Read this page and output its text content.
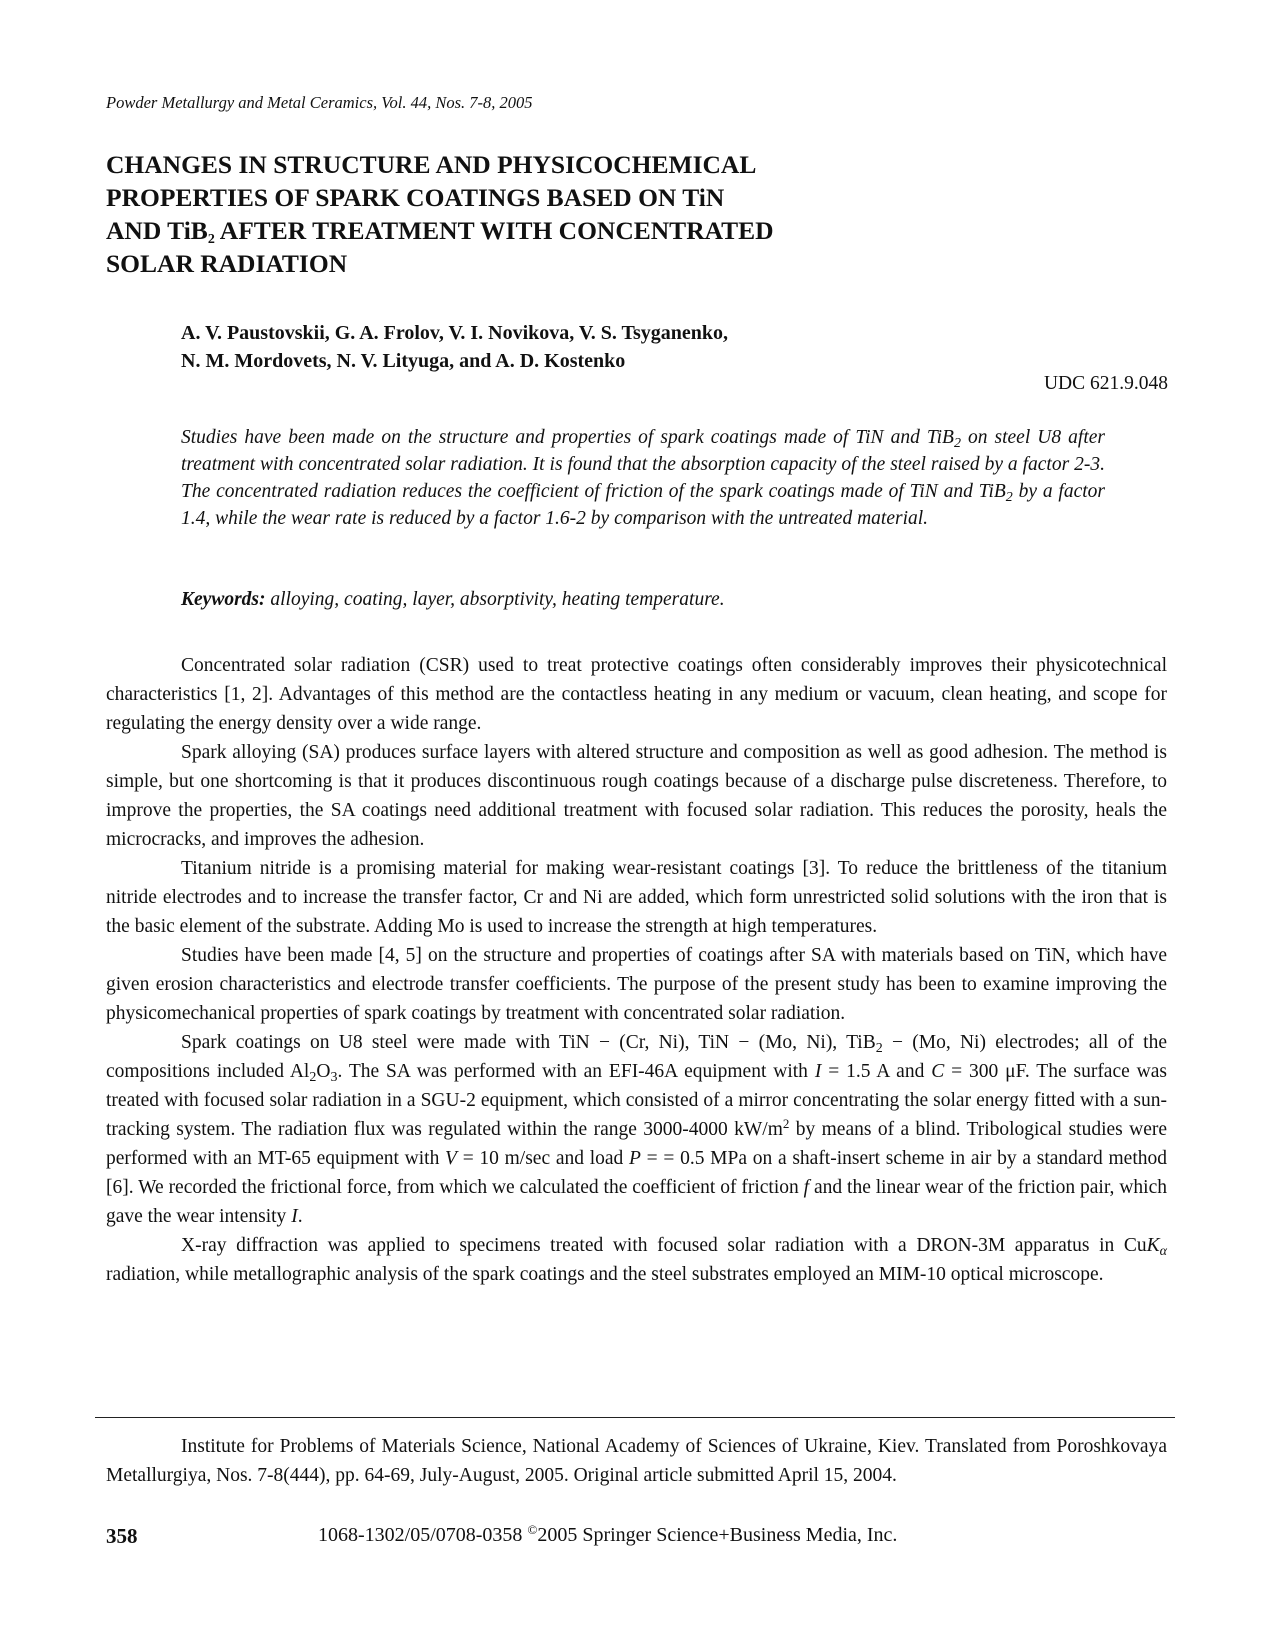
Powder Metallurgy and Metal Ceramics, Vol. 44, Nos. 7-8, 2005
CHANGES IN STRUCTURE AND PHYSICOCHEMICAL
PROPERTIES OF SPARK COATINGS BASED ON TiN
AND TiB$_2$ AFTER TREATMENT WITH CONCENTRATED
SOLAR RADIATION
A. V. Paustovskii, G. A. Frolov, V. I. Novikova, V. S. Tsyganenko,
N. M. Mordovets, N. V. Lityuga, and A. D. Kostenko
UDC 621.9.048

Studies have been made on the structure and properties of spark coatings made of TiN and TiB$_2$ on steel U8 after treatment with concentrated solar radiation. It is found that the absorption capacity of the steel raised by a factor 2-3. The concentrated radiation reduces the coefficient of friction of the spark coatings made of TiN and TiB$_2$ by a factor 1.4, while the wear rate is reduced by a factor 1.6-2 by comparison with the untreated material.

Keywords: alloying, coating, layer, absorptivity, heating temperature.

Concentrated solar radiation (CSR) used to treat protective coatings often considerably improves their physicotechnical characteristics [1, 2]. Advantages of this method are the contactless heating in any medium or vacuum, clean heating, and scope for regulating the energy density over a wide range.

Spark alloying (SA) produces surface layers with altered structure and composition as well as good adhesion. The method is simple, but one shortcoming is that it produces discontinuous rough coatings because of a discharge pulse discreteness. Therefore, to improve the properties, the SA coatings need additional treatment with focused solar radiation. This reduces the porosity, heals the microcracks, and improves the adhesion.

Titanium nitride is a promising material for making wear-resistant coatings [3]. To reduce the brittleness of the titanium nitride electrodes and to increase the transfer factor, Cr and Ni are added, which form unrestricted solid solutions with the iron that is the basic element of the substrate. Adding Mo is used to increase the strength at high temperatures.

Studies have been made [4, 5] on the structure and properties of coatings after SA with materials based on TiN, which have given erosion characteristics and electrode transfer coefficients. The purpose of the present study has been to examine improving the physicomechanical properties of spark coatings by treatment with concentrated solar radiation.

Spark coatings on U8 steel were made with TiN − (Cr, Ni), TiN − (Mo, Ni), TiB$_2$ − (Mo, Ni) electrodes; all of the compositions included $Al_2O_3$. The SA was performed with an EFI-46A equipment with I = 1.5 A and C = 300 μF. The surface was treated with focused solar radiation in a SGU-2 equipment, which consisted of a mirror concentrating the solar energy fitted with a sun-tracking system. The radiation flux was regulated within the range 3000-4000 $kW/m^2$ by means of a blind. Tribological studies were performed with an MT-65 equipment with V = 10 m/sec and load P = = 0.5 MPa on a shaft-insert scheme in air by a standard method [6]. We recorded the frictional force, from which we calculated the coefficient of friction f and the linear wear of the friction pair, which gave the wear intensity I.

X-ray diffraction was applied to specimens treated with focused solar radiation with a DRON-3M apparatus in CuK$_\alpha$ radiation, while metallographic analysis of the spark coatings and the steel substrates employed an MIM-10 optical microscope.

Institute for Problems of Materials Science, National Academy of Sciences of Ukraine, Kiev. Translated from Poroshkovaya Metallurgiya, Nos. 7-8(444), pp. 64-69, July-August, 2005. Original article submitted April 15, 2004.

358	1068-1302/05/0708-0358 ©2005 Springer Science+Business Media, Inc.
